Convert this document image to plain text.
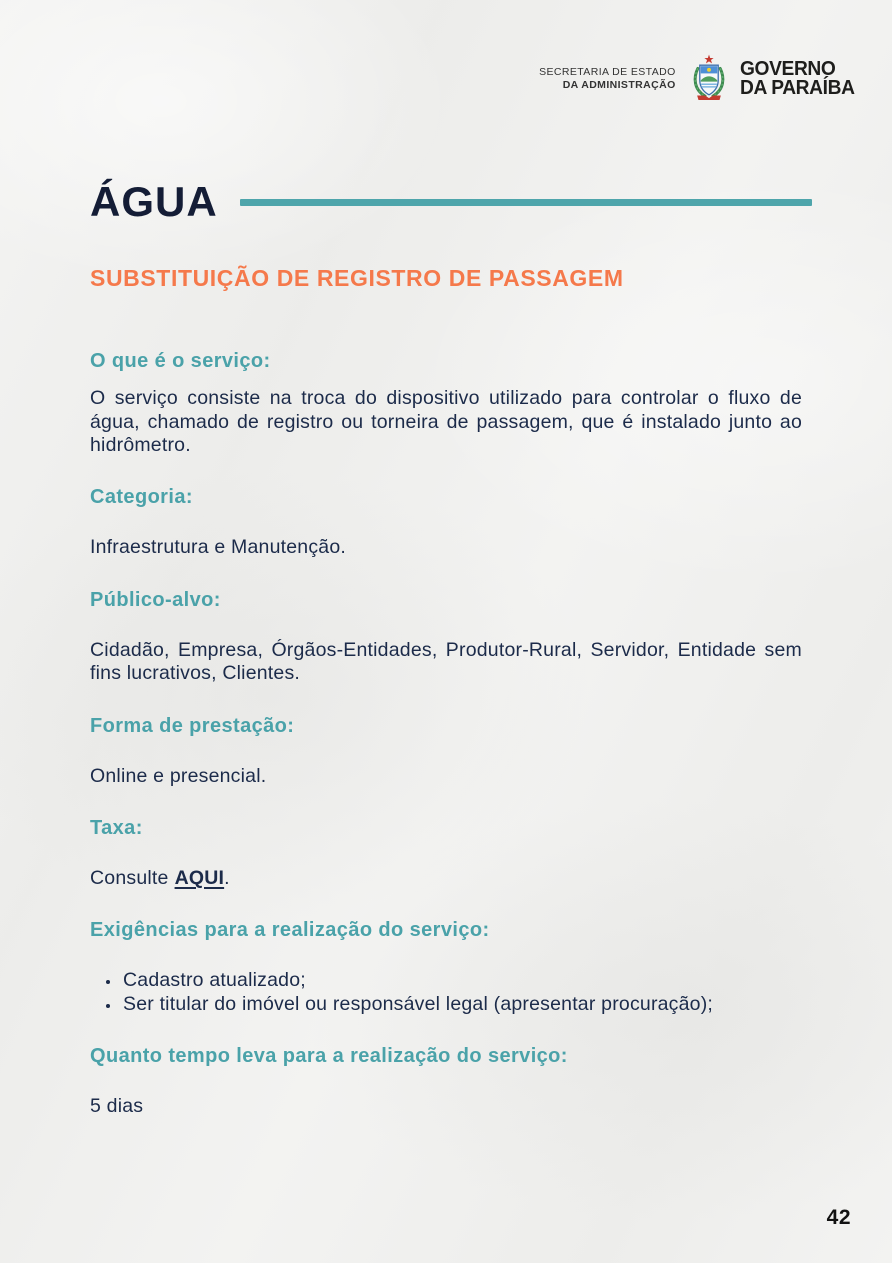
SECRETARIA DE ESTADO
DA ADMINISTRAÇÃO
GOVERNO
DA PARAÍBA
ÁGUA
SUBSTITUIÇÃO DE REGISTRO DE PASSAGEM
O que é o serviço:

O serviço consiste na troca do dispositivo utilizado para controlar o fluxo de água, chamado de registro ou torneira de passagem, que é instalado junto ao hidrômetro.

Categoria:

Infraestrutura e Manutenção.

Público-alvo:

Cidadão, Empresa, Órgãos-Entidades, Produtor-Rural, Servidor, Entidade sem fins lucrativos, Clientes.

Forma de prestação:

Online e presencial.

Taxa:

Consulte AQUI.

Exigências para a realização do serviço:
• Cadastro atualizado;
• Ser titular do imóvel ou responsável legal (apresentar procuração);
Quanto tempo leva para a realização do serviço:

5 dias

42
